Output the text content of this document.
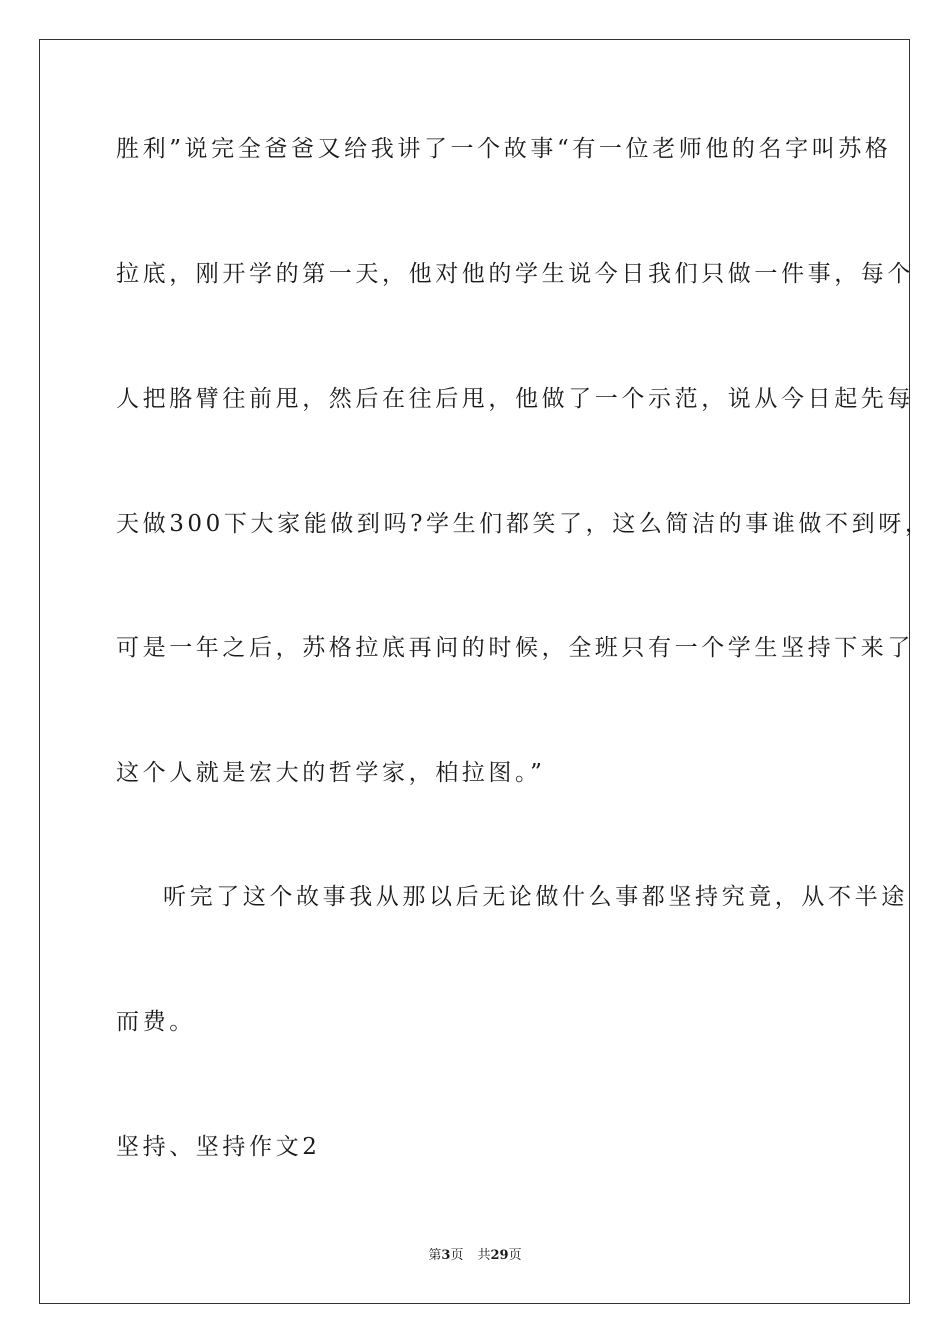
胜利”说完全爸爸又给我讲了一个故事“有一位老师他的名字叫苏格
拉底，刚开学的第一天，他对他的学生说今日我们只做一件事，每个
人把胳臂往前甩，然后在往后甩，他做了一个示范，说从今日起先每
天做300下大家能做到吗?学生们都笑了，这么简洁的事谁做不到呀，
可是一年之后，苏格拉底再问的时候，全班只有一个学生坚持下来了
这个人就是宏大的哲学家，柏拉图。”
听完了这个故事我从那以后无论做什么事都坚持究竟，从不半途
而费。
坚持、坚持作文2
第3页 共29页
